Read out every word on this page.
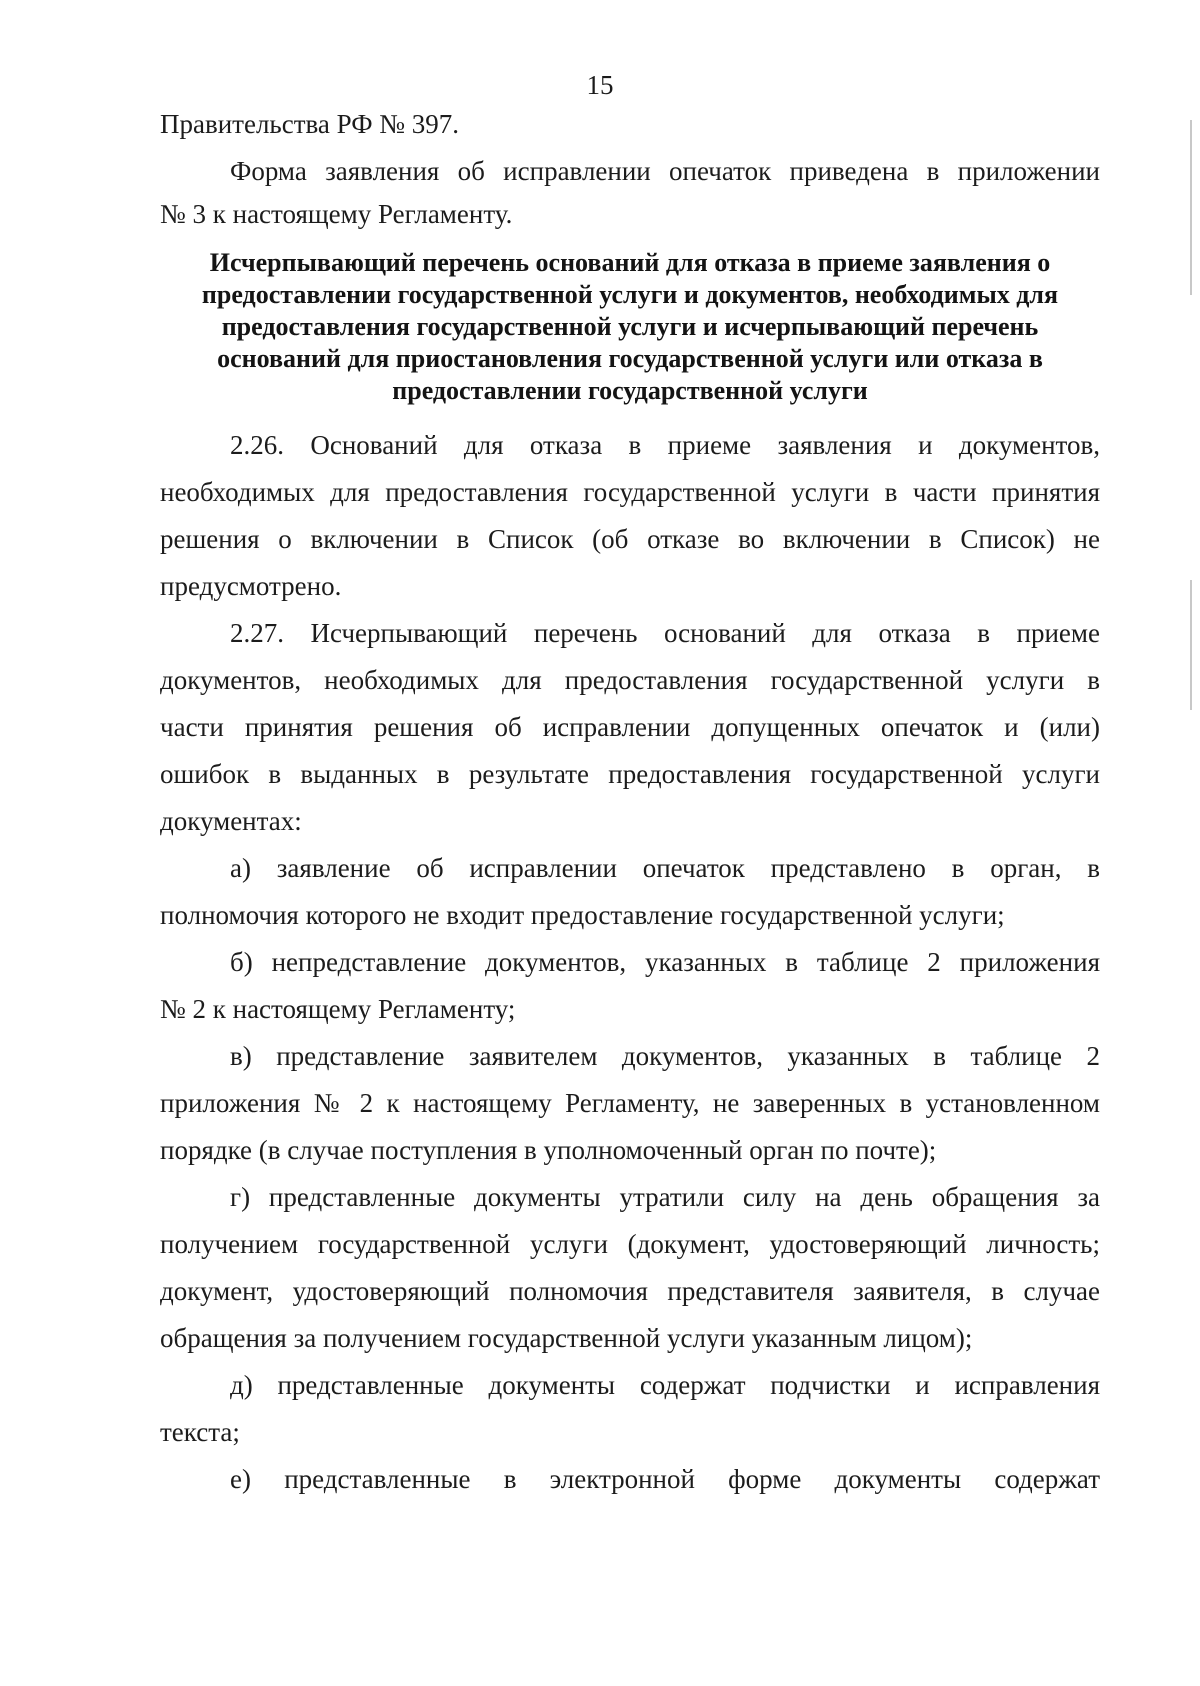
15
Правительства РФ № 397.
Форма заявления об исправлении опечаток приведена в приложении
№ 3 к настоящему Регламенту.
Исчерпывающий перечень оснований для отказа в приеме заявления о
предоставлении государственной услуги и документов, необходимых для
предоставления государственной услуги и исчерпывающий перечень
оснований для приостановления государственной услуги или отказа в
предоставлении государственной услуги
2.26. Оснований для отказа в приеме заявления и документов,
необходимых для предоставления государственной услуги в части принятия
решения о включении в Список (об отказе во включении в Список) не
предусмотрено.
2.27. Исчерпывающий перечень оснований для отказа в приеме
документов, необходимых для предоставления государственной услуги в
части принятия решения об исправлении допущенных опечаток и (или)
ошибок в выданных в результате предоставления государственной услуги
документах:
а) заявление об исправлении опечаток представлено в орган, в
полномочия которого не входит предоставление государственной услуги;
б) непредставление документов, указанных в таблице 2 приложения
№ 2 к настоящему Регламенту;
в) представление заявителем документов, указанных в таблице 2
приложения № 2 к настоящему Регламенту, не заверенных в установленном
порядке (в случае поступления в уполномоченный орган по почте);
г) представленные документы утратили силу на день обращения за
получением государственной услуги (документ, удостоверяющий личность;
документ, удостоверяющий полномочия представителя заявителя, в случае
обращения за получением государственной услуги указанным лицом);
д) представленные документы содержат подчистки и исправления
текста;
е) представленные в электронной форме документы содержат
